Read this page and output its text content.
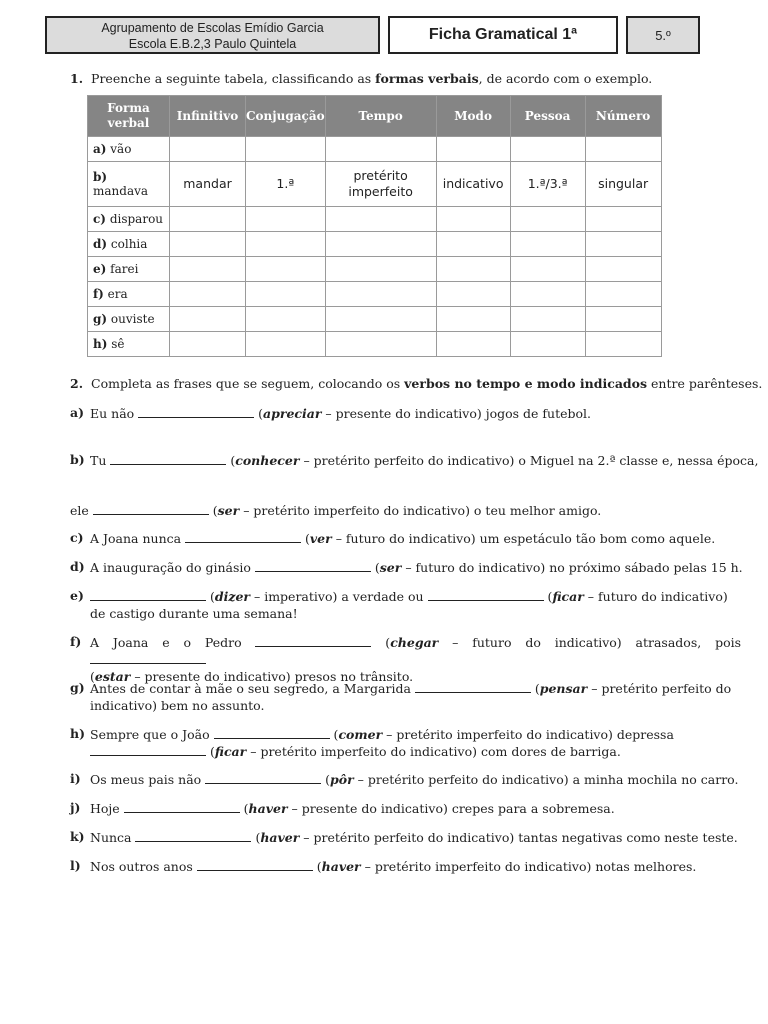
Agrupamento de Escolas Emídio Garcia
Escola E.B.2,3 Paulo Quintela
Ficha Gramatical 1ª	5.º
1. Preenche a seguinte tabela, classificando as formas verbais, de acordo com o exemplo.
Forma verbal	Infinitivo	Conjugação	Tempo	Modo	Pessoa	Número
a) vão						
b) mandava	mandar	1.ª	pretérito imperfeito	indicativo	1.ª/3.ª	singular
c) disparou						
d) colhia						
e) farei						
f) era						
g) ouviste						
h) sê						
2. Completa as frases que se seguem, colocando os verbos no tempo e modo indicados entre parênteses.
a) Eu não	(apreciar – presente do indicativo) jogos de futebol.
b) Tu	(conhecer – pretérito perfeito do indicativo) o Miguel na 2.ª classe e, nessa época,
ele	(ser – pretérito imperfeito do indicativo) o teu melhor amigo.
c) A Joana nunca	(ver – futuro do indicativo) um espetáculo tão bom como aquele.
d) A inauguração do ginásio	(ser – futuro do indicativo) no próximo sábado pelas 15 h.
e)	(dizer – imperativo) a verdade ou	(ficar – futuro do indicativo)
de castigo durante uma semana!
f) A Joana e o Pedro	(chegar – futuro do indicativo) atrasados, pois
(estar – presente do indicativo) presos no trânsito.
g) Antes de contar à mãe o seu segredo, a Margarida	(pensar – pretérito perfeito do
indicativo) bem no assunto.
h) Sempre que o João	(comer – pretérito imperfeito do indicativo) depressa
(ficar – pretérito imperfeito do indicativo) com dores de barriga.
i) Os meus pais não	(pôr – pretérito perfeito do indicativo) a minha mochila no carro.
j) Hoje	(haver – presente do indicativo) crepes para a sobremesa.
k) Nunca	(haver – pretérito perfeito do indicativo) tantas negativas como neste teste.
l) Nos outros anos	(haver – pretérito imperfeito do indicativo) notas melhores.
